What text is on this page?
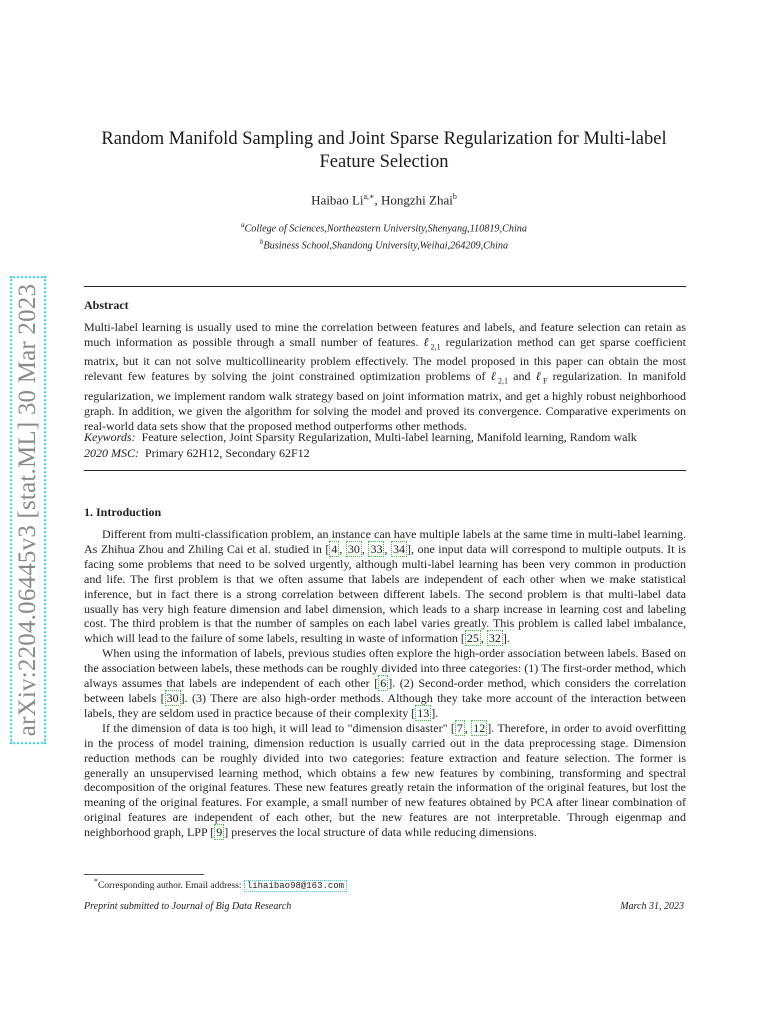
arXiv:2204.06445v3 [stat.ML] 30 Mar 2023
Random Manifold Sampling and Joint Sparse Regularization for Multi-label Feature Selection
Haibao $Li^{a,∗}$, Hongzhi Zhai$^b$
$^a$College of Sciences,Northeastern University,Shenyang,110819,China
$^b$Business School,Shandong University,Weihai,264209,China
Abstract
Multi-label learning is usually used to mine the correlation between features and labels, and feature selection can retain as much information as possible through a small number of features. ℓ$_{2,1}$ regularization method can get sparse coefficient matrix, but it can not solve multicollinearity problem effectively. The model proposed in this paper can obtain the most relevant few features by solving the joint constrained optimization problems of ℓ$_{2,1}$ and ℓ$_F$ regularization. In manifold regularization, we implement random walk strategy based on joint information matrix, and get a highly robust neighborhood graph. In addition, we given the algorithm for solving the model and proved its convergence. Comparative experiments on real-world data sets show that the proposed method outperforms other methods.
Keywords: Feature selection, Joint Sparsity Regularization, Multi-label learning, Manifold learning, Random walk
2020 MSC: Primary 62H12, Secondary 62F12
1. Introduction

Different from multi-classification problem, an instance can have multiple labels at the same time in multi-label learning. As Zhihua Zhou and Zhiling Cai et al. studied in [ 4 , 30 , 33 , 34 ], one input data will correspond to multiple outputs. It is facing some problems that need to be solved urgently, although multi-label learning has been very common in production and life. The first problem is that we often assume that labels are independent of each other when we make statistical inference, but in fact there is a strong correlation between different labels. The second problem is that multi-label data usually has very high feature dimension and label dimension, which leads to a sharp increase in learning cost and labeling cost. The third problem is that the number of samples on each label varies greatly. This problem is called label imbalance, which will lead to the failure of some labels, resulting in waste of information [ 25 , 32 ].

When using the information of labels, previous studies often explore the high-order association between labels. Based on the association between labels, these methods can be roughly divided into three categories: (1) The first-order method, which always assumes that labels are independent of each other [ 6 ]. (2) Second-order method, which considers the correlation between labels [ 30 ]. (3) There are also high-order methods. Although they take more account of the interaction between labels, they are seldom used in practice because of their complexity [ 13 ].

If the dimension of data is too high, it will lead to "dimension disaster" [ 7 , 12 ]. Therefore, in order to avoid overfitting in the process of model training, dimension reduction is usually carried out in the data preprocessing stage. Dimension reduction methods can be roughly divided into two categories: feature extraction and feature selection. The former is generally an unsupervised learning method, which obtains a few new features by combining, transforming and spectral decomposition of the original features. These new features greatly retain the information of the original features, but lost the meaning of the original features. For example, a small number of new features obtained by PCA after linear combination of original features are independent of each other, but the new features are not interpretable. Through eigenmap and neighborhood graph, LPP [ 9 ] preserves the local structure of data while reducing dimensions.

*Corresponding author. Email address: lihaibao98@163.com
Preprint submitted to Journal of Big Data Research	March 31, 2023
